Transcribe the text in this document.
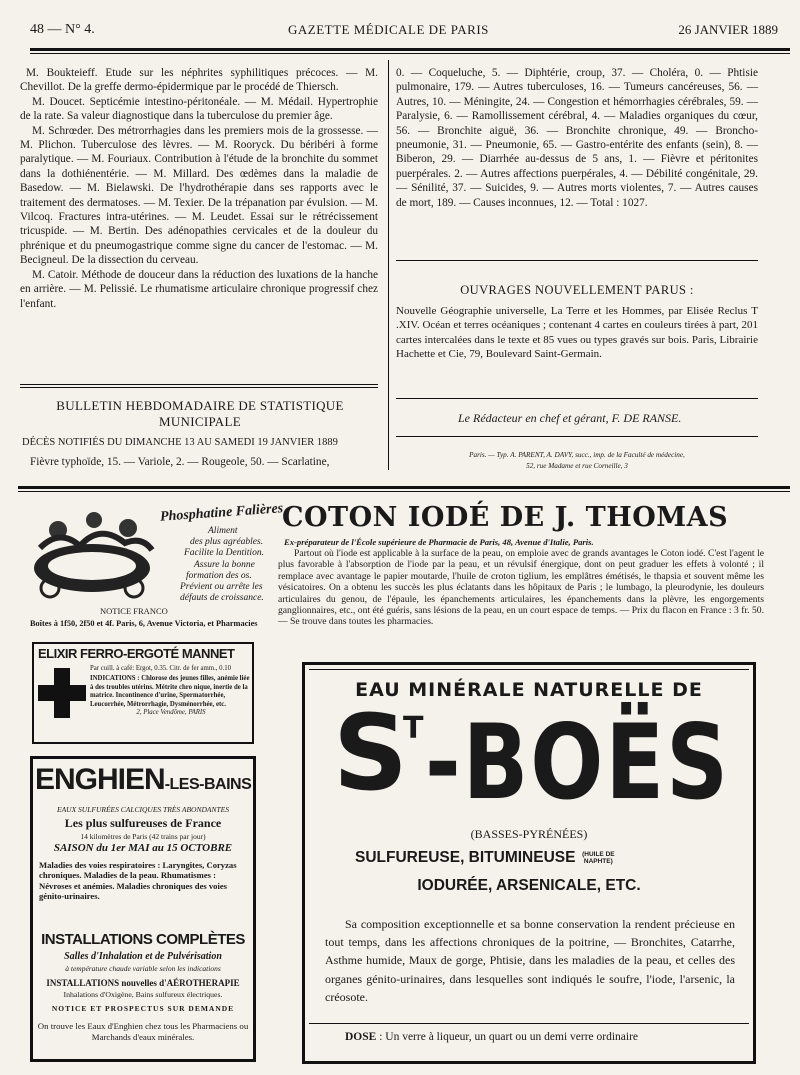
48 — N° 4.	GAZETTE MÉDICALE DE PARIS	26 JANVIER 1889

M. Boukteieff. Etude sur les néphrites syphilitiques précoces. — M. Chevillot. De la greffe dermo-épidermique par le procédé de Thiersch.

M. Doucet. Septicémie intestino-péritonéale. — M. Médail. Hypertrophie de la rate. Sa valeur diagnostique dans la tuberculose du premier âge.

M. Schrœder. Des métrorrhagies dans les premiers mois de la grossesse. — M. Plichon. Tuberculose des lèvres. — M. Rooryck. Du béribéri à forme paralytique. — M. Fouriaux. Contribution à l'étude de la bronchite du sommet dans la dothiénentérie. — M. Millard. Des œdèmes dans la maladie de Basedow. — M. Bielawski. De l'hydrothérapie dans ses rapports avec le traitement des dermatoses. — M. Texier. De la trépanation par évulsion. — M. Vilcoq. Fractures intra-utérines. — M. Leudet. Essai sur le rétrécissement tricuspide. — M. Bertin. Des adénopathies cervicales et de la douleur du phrénique et du pneumogastrique comme signe du cancer de l'estomac. — M. Becigneul. De la dissection du cerveau.

M. Catoir. Méthode de douceur dans la réduction des luxations de la hanche en arrière. — M. Pelissié. Le rhumatisme articulaire chronique progressif chez l'enfant.

BULLETIN HEBDOMADAIRE DE STATISTIQUE MUNICIPALE
DÉCÈS NOTIFIÉS DU DIMANCHE 13 AU SAMEDI 19 JANVIER 1889
Fièvre typhoïde, 15. — Variole, 2. — Rougeole, 50. — Scarlatine,
0. — Coqueluche, 5. — Diphtérie, croup, 37. — Choléra, 0. — Phtisie pulmonaire, 179. — Autres tuberculoses, 16. — Tumeurs cancéreuses, 56. — Autres, 10. — Méningite, 24. — Congestion et hémorrhagies cérébrales, 59. — Paralysie, 6. — Ramollissement cérébral, 4. — Maladies organiques du cœur, 56. — Bronchite aiguë, 36. — Bronchite chronique, 49. — Broncho-pneumonie, 31. — Pneumonie, 65. — Gastro-entérite des enfants (sein), 8. — Biberon, 29. — Diarrhée au-dessus de 5 ans, 1. — Fièvre et péritonites puerpérales. 2. — Autres affections puerpérales, 4. — Débilité congénitale, 29. — Sénilité, 37. — Suicides, 9. — Autres morts violentes, 7. — Autres causes de mort, 189. — Causes inconnues, 12. — Total : 1027.
OUVRAGES NOUVELLEMENT PARUS :
Nouvelle Géographie universelle, La Terre et les Hommes, par Elisée Reclus T .XIV. Océan et terres océaniques ; contenant 4 cartes en couleurs tirées à part, 201 cartes intercalées dans le texte et 85 vues ou types gravés sur bois. Paris, Librairie Hachette et Cie, 79, Boulevard Saint-Germain.
Le Rédacteur en chef et gérant, F. DE RANSE.
Paris. — Typ. A. PARENT, A. DAVY, succ., imp. de la Faculté de médecine,
52, rue Madame et rue Corneille, 3
PHOSPHATINE FALIÈRES
Phosphatine Falières
Aliment
des plus agréables.
Facilite la Dentition.
Assure la bonne
formation des os.
Prévient ou arrête les
défauts de croissance.
NOTICE FRANCO
Boîtes à 1f50, 2f50 et 4f. Paris, 6, Avenue Victoria, et Pharmacies
ELIXIR FERRO-ERGOTÉ MANNET
Par cuill. à café: Ergot, 0.35. Citr. de fer amm., 0.10
INDICATIONS : Chlorose des jeunes filles, anémie liée à des troubles utérins. Métrite chro nique, inertie de la matrice. Incontinence d'urine, Spermatorrhée, Leucorrhée, Métrorrhagie, Dysménorrhée, etc.
2, Place Vendôme, PARIS
ENGHIEN-LES-BAINS
EAUX SULFURÉES CALCIQUES TRÈS ABONDANTES
Les plus sulfureuses de France
14 kilomètres de Paris (42 trains par jour)
SAISON du 1er MAI au 15 OCTOBRE
Maladies des voies respiratoires : Laryngites, Coryzas chroniques. Maladies de la peau. Rhumatismes : Névroses et anémies. Maladies chroniques des voies génito-urinaires.
INSTALLATIONS COMPLÈTES
Salles d'Inhalation et de Pulvérisation
à température chaude variable selon les indications
INSTALLATIONS nouvelles d'AÉROTHERAPIE
Inhalations d'Oxigène, Bains sulfureux électriques.
NOTICE ET PROSPECTUS SUR DEMANDE
On trouve les Eaux d'Enghien chez tous les Pharmaciens ou Marchands d'eaux minérales.
COTON IODÉ DE J. THOMAS
Ex-préparateur de l'École supérieure de Pharmacie de Paris, 48, Avenue d'Italie, Paris.
Partout où l'iode est applicable à la surface de la peau, on emploie avec de grands avantages le Coton iodé. C'est l'agent le plus favorable à l'absorption de l'iode par la peau, et un révulsif énergique, dont on peut graduer les effets à volonté ; il remplace avec avantage le papier moutarde, l'huile de croton tiglium, les emplâtres émétisés, le thapsia et souvent même les vésicatoires. On a obtenu les succès les plus éclatants dans les hôpitaux de Paris ; le lumbago, la pleurodynie, les douleurs articulaires du genou, de l'épaule, les épanchements articulaires, les épanchements dans la plèvre, les engorgements ganglionnaires, etc., ont été guéris, sans lésions de la peau, en un court espace de temps. — Prix du flacon en France : 3 fr. 50. — Se trouve dans toutes les pharmacies.
EAU MINÉRALE NATURELLE DE
S
T -BOËS
(BASSES-PYRÉNÉES)
SULFUREUSE, BITUMINEUSE (HUILE DE NAPHTE)
IODURÉE, ARSENICALE, ETC.
Sa composition exceptionnelle et sa bonne conservation la rendent précieuse en tout temps, dans les affections chroniques de la poitrine, — Bronchites, Catarrhe, Asthme humide, Maux de gorge, Phtisie, dans les maladies de la peau, et celles des organes génito-urinaires, dans lesquelles sont indiqués le soufre, l'iode, l'arsenic, la créosote.
DOSE : Un verre à liqueur, un quart ou un demi verre ordinaire
